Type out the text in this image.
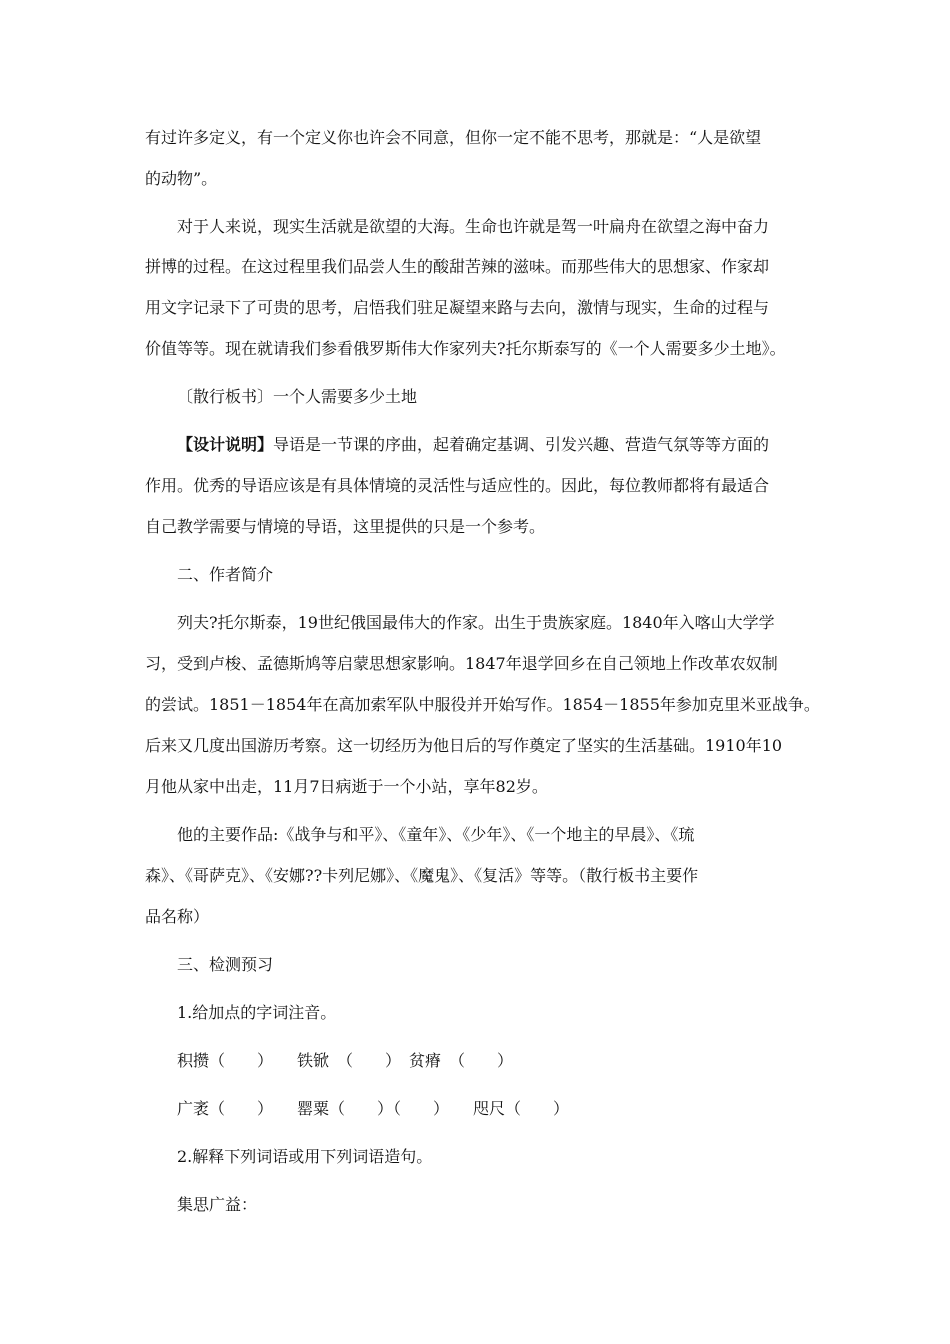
有过许多定义，有一个定义你也许会不同意，但你一定不能不思考，那就是：“人是欲望
的动物”。
对于人来说，现实生活就是欲望的大海。生命也许就是驾一叶扁舟在欲望之海中奋力
拼博的过程。在这过程里我们品尝人生的酸甜苦辣的滋味。而那些伟大的思想家、作家却
用文字记录下了可贵的思考，启悟我们驻足凝望来路与去向，激情与现实，生命的过程与
价值等等。现在就请我们参看俄罗斯伟大作家列夫?托尔斯泰写的《一个人需要多少土地》。
〔散行板书〕一个人需要多少土地
【设计说明】导语是一节课的序曲，起着确定基调、引发兴趣、营造气氛等等方面的
作用。优秀的导语应该是有具体情境的灵活性与适应性的。因此，每位教师都将有最适合
自己教学需要与情境的导语，这里提供的只是一个参考。
二、作者简介
列夫?托尔斯泰，19世纪俄国最伟大的作家。出生于贵族家庭。1840年入喀山大学学
习，受到卢梭、孟德斯鸠等启蒙思想家影响。1847年退学回乡在自己领地上作改革农奴制
的尝试。1851－1854年在高加索军队中服役并开始写作。1854－1855年参加克里米亚战争。
后来又几度出国游历考察。这一切经历为他日后的写作奠定了坚实的生活基础。1910年10
月他从家中出走，11月7日病逝于一个小站，享年82岁。
他的主要作品:《战争与和平》、《童年》、《少年》、《一个地主的早晨》、《琉
森》、《哥萨克》、《安娜??卡列尼娜》、《魔鬼》、《复活》等等。（散行板书主要作
品名称）
三、检测预习
1.给加点的字词注音。
积攒（　　）　　铁锨　（　　）　贫瘠　（　　）
广袤（　　）　　罂粟（　　）（　　）　　咫尺（　　）
2.解释下列词语或用下列词语造句。
集思广益：
